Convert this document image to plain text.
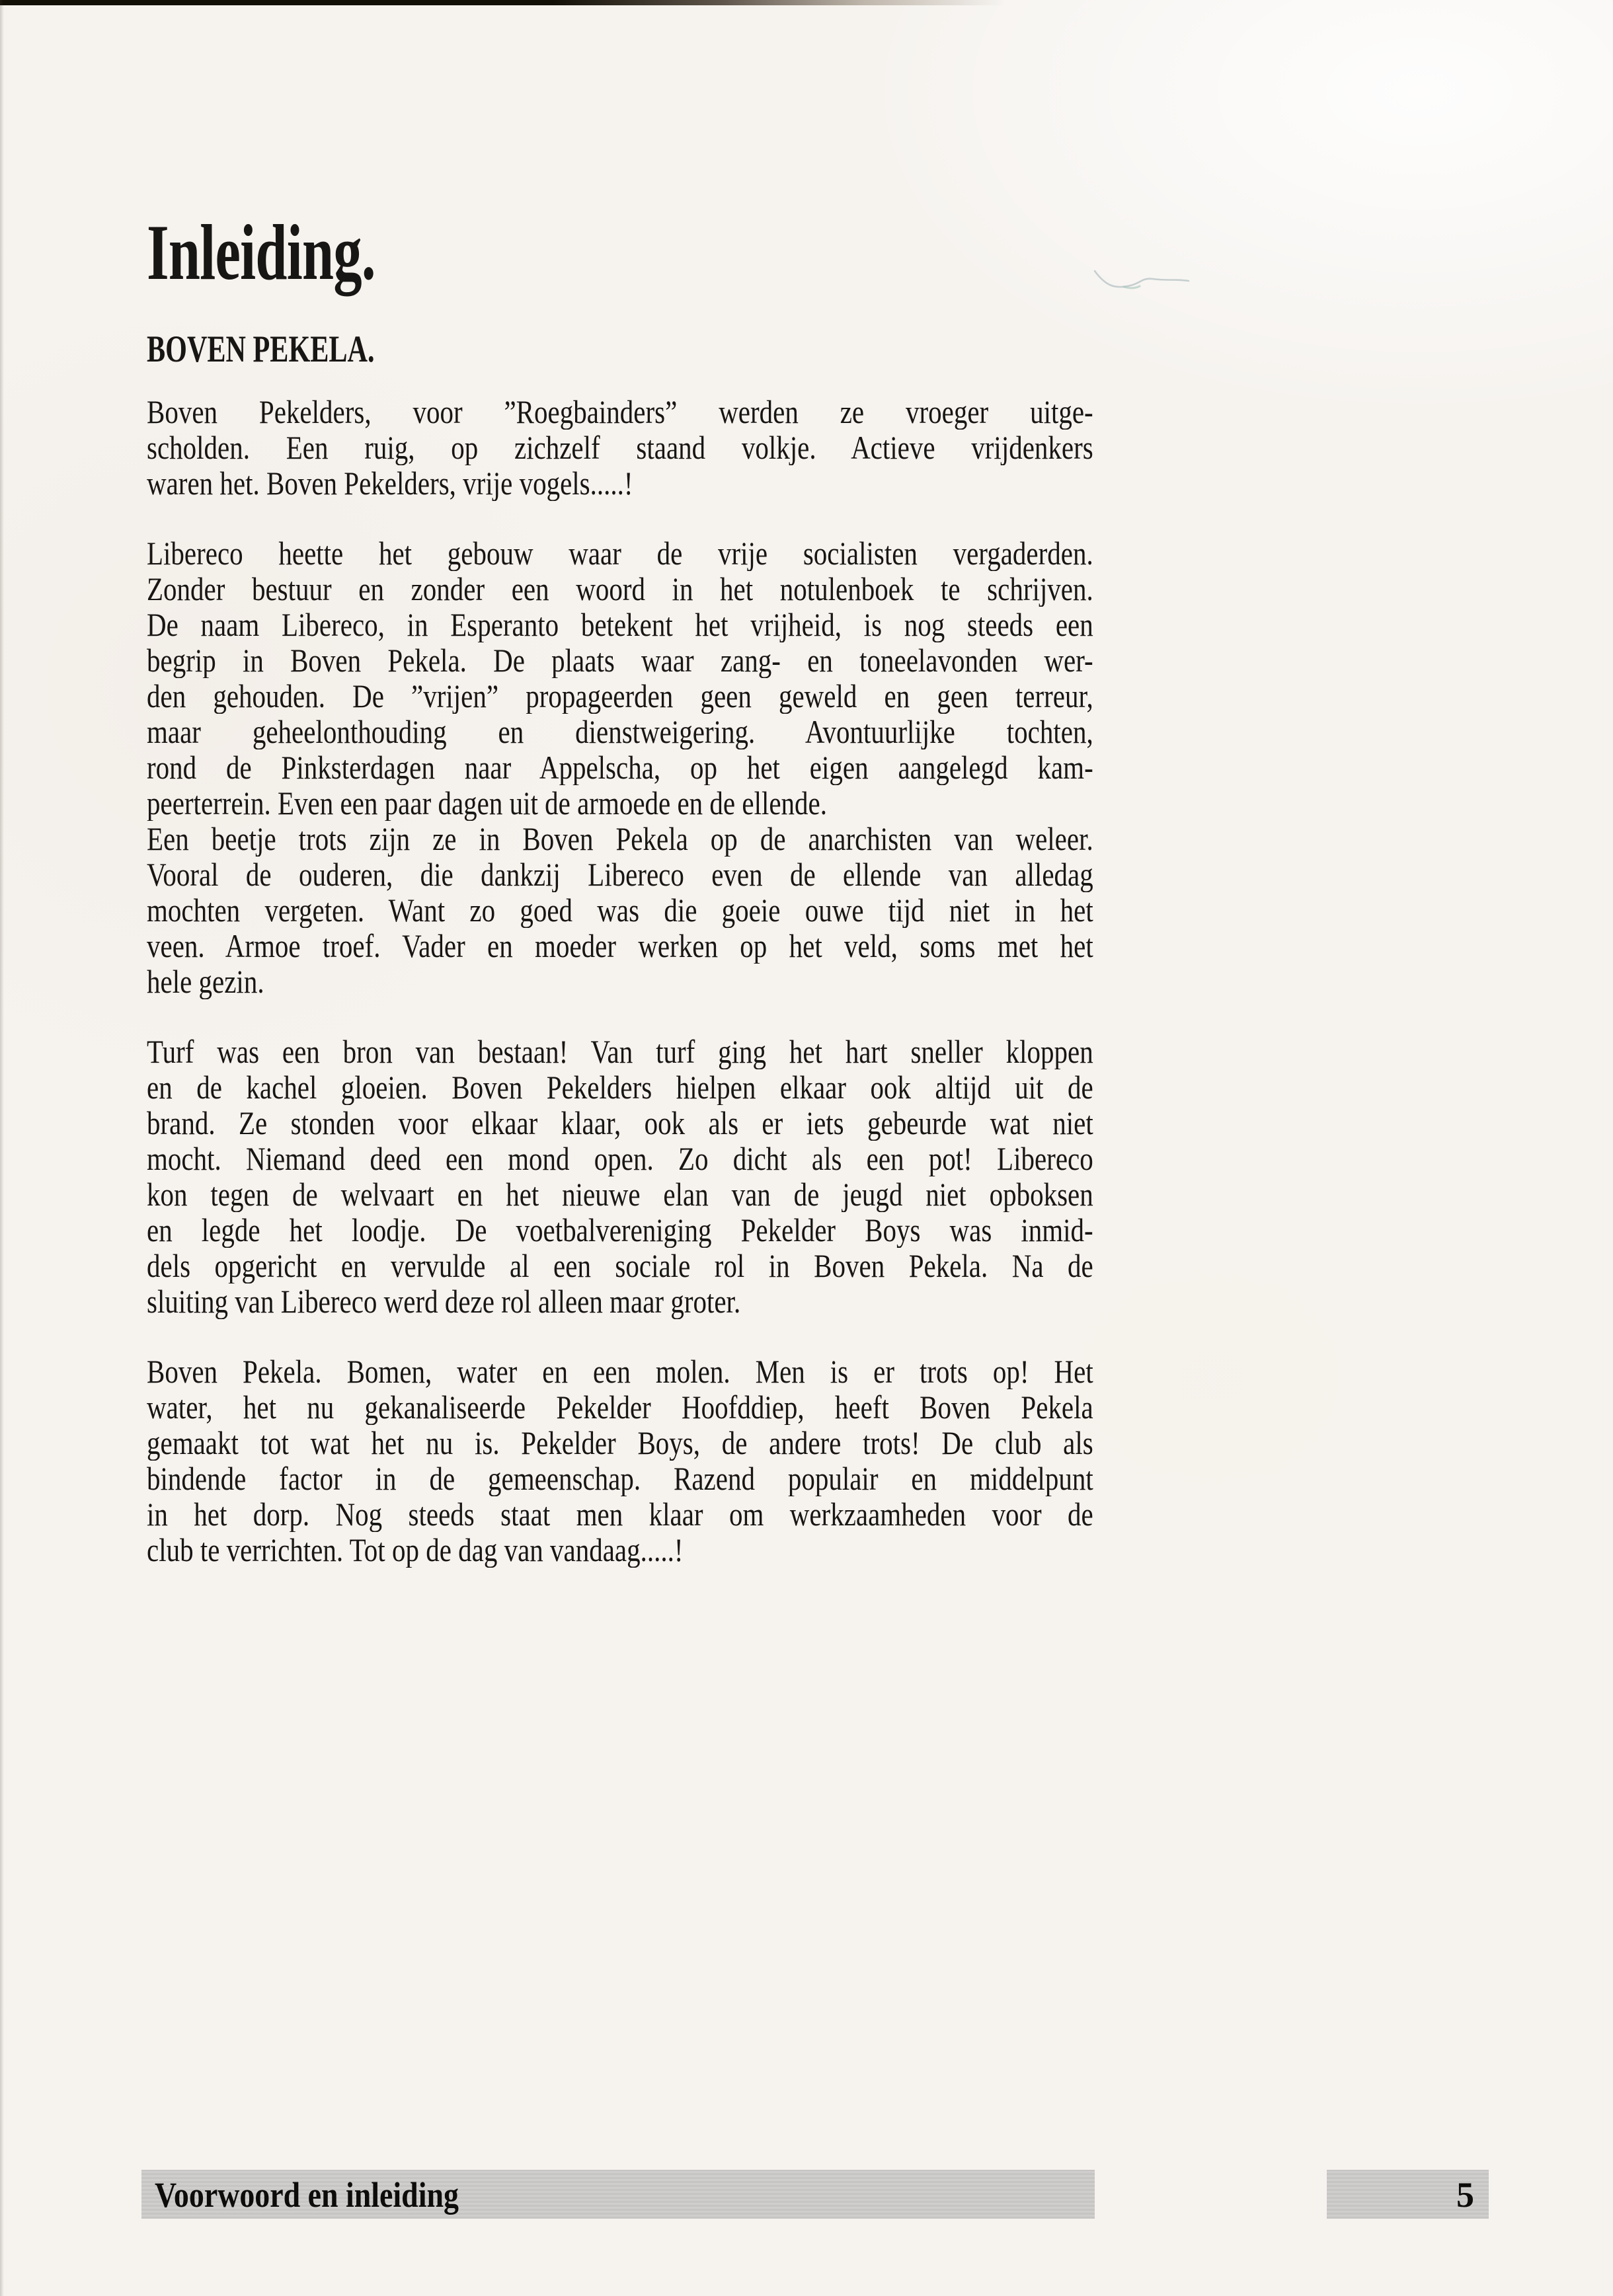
Inleiding.
BOVEN PEKELA.
Boven Pekelders, voor ”Roegbainders” werden ze vroeger uitge-
scholden. Een ruig, op zichzelf staand volkje. Actieve vrijdenkers
waren het. Boven Pekelders, vrije vogels.....!
Libereco heette het gebouw waar de vrije socialisten vergaderden.
Zonder bestuur en zonder een woord in het notulenboek te schrijven.
De naam Libereco, in Esperanto betekent het vrijheid, is nog steeds een
begrip in Boven Pekela. De plaats waar zang- en toneelavonden wer-
den gehouden. De ”vrijen” propageerden geen geweld en geen terreur,
maar geheelonthouding en dienstweigering. Avontuurlijke tochten,
rond de Pinksterdagen naar Appelscha, op het eigen aangelegd kam-
peerterrein. Even een paar dagen uit de armoede en de ellende.
Een beetje trots zijn ze in Boven Pekela op de anarchisten van weleer.
Vooral de ouderen, die dankzij Libereco even de ellende van alledag
mochten vergeten. Want zo goed was die goeie ouwe tijd niet in het
veen. Armoe troef. Vader en moeder werken op het veld, soms met het
hele gezin.
Turf was een bron van bestaan! Van turf ging het hart sneller kloppen
en de kachel gloeien. Boven Pekelders hielpen elkaar ook altijd uit de
brand. Ze stonden voor elkaar klaar, ook als er iets gebeurde wat niet
mocht. Niemand deed een mond open. Zo dicht als een pot! Libereco
kon tegen de welvaart en het nieuwe elan van de jeugd niet opboksen
en legde het loodje. De voetbalvereniging Pekelder Boys was inmid-
dels opgericht en vervulde al een sociale rol in Boven Pekela. Na de
sluiting van Libereco werd deze rol alleen maar groter.
Boven Pekela. Bomen, water en een molen. Men is er trots op! Het
water, het nu gekanaliseerde Pekelder Hoofddiep, heeft Boven Pekela
gemaakt tot wat het nu is. Pekelder Boys, de andere trots! De club als
bindende factor in de gemeenschap. Razend populair en middelpunt
in het dorp. Nog steeds staat men klaar om werkzaamheden voor de
club te verrichten. Tot op de dag van vandaag.....!
Voorwoord en inleiding	5
